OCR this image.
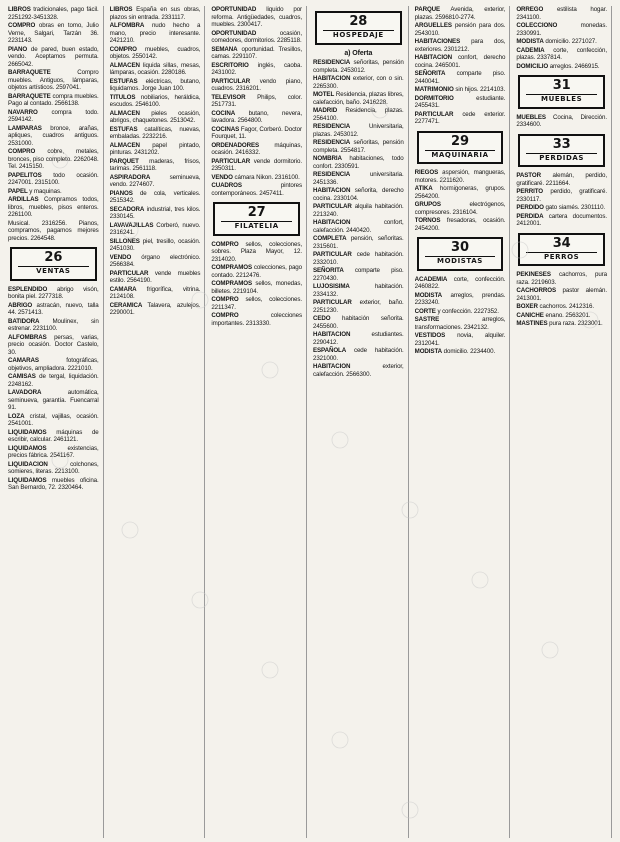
LIBROS tradicionales, pago fácil. 2251292-3451328.

COMPRO obras en tomo, Julio Verne, Salgari, Tarzán 36. 2231143.

PIANO de pared, buen estado, vendo. Aceptamos permuta. 2665042.

BARRAQUETE	Compro muebles. Antiguos, lámparas, objetos artísticos. 2597041.

BARRAQUETE compra muebles. Pago al contado. 2566138.

NAVARRO compra todo. 2594142.

LAMPARAS bronce, arañas, apliques, cuadros antiguos. 2531000.

COMPRO cobre, metales, bronces, piso completo. 2262048. Tel. 2415150.

PAPELITOS todo ocasión. 2247001. 2315100.

PAPEL y maquinas.

ARDILLAS Compramos todos, libros, muebles, pisos enteros. 2261100.

Musical. 2316256. Pianos, compramos, pagamos mejores precios. 2264548.

26
VENTAS

ESPLENDIDO abrigo visón, bonita piel. 2277318.

ABRIGO astracán, nuevo, talla 44. 2571413.

BATIDORA Moulinex, sin estrenar. 2231100.

ALFOMBRAS persas, varias, precio ocasión. Doctor Castelo, 30.

CAMARAS	fotográficas, objetivos, ampliadora. 2221010.

CAMISAS de tergal, liquidación. 2248162.

LAVADORA	automática, seminueva, garantía. Fuencarral 91.

LOZA cristal, vajillas, ocasión. 2541001.

LIQUIDAMOS máquinas de escribir, calcular. 2461121.

LIQUIDAMOS	existencias, precios fábrica. 2541167.

LIQUIDACION	colchones, somieres, literas. 2213100.

LIQUIDAMOS muebles oficina. San Bernardo, 72. 2320464.

LIBROS España en sus obras, plazos sin entrada. 2331117.

ALFOMBRA nudo hecho a mano, precio interesante. 2421210.

COMPRO muebles, cuadros, objetos. 2550142.

ALMACEN liquida sillas, mesas, lámparas, ocasión. 2280186.

ESTUFAS eléctricas, butano, liquidamos. Jorge Juan 100.

TITULOS nobiliarios, heráldica, escudos. 2546100.

ALMACEN pieles ocasión, abrigos, chaquetones. 2513042.

ESTUFAS catalíticas, nuevas, embaladas. 2232216.

ALMACEN papel pintado, pinturas. 2431202.

PARQUET maderas, frisos, tarimas. 2561118.

ASPIRADORA	seminueva, vendo. 2274607.

PIANOS de cola, verticales. 2515342.

SECADORA industrial, tres kilos. 2330145.

LAVAVAJILLAS Corberó, nuevo. 2316241.

SILLONES piel, tresillo, ocasión. 2451030.

VENDO órgano electrónico. 2566384.

PARTICULAR vende muebles estilo. 2564190.

CAMARA frigorífica, vitrina. 2124108.

CERAMICA Talavera, azulejos. 2290001.

OPORTUNIDAD liquido por reforma. Antigüedades, cuadros, muebles. 2300417.

OPORTUNIDAD	ocasión, comedores, dormitorios. 2285118.

SEMANA oportunidad. Tresillos, camas. 2291107.

ESCRITORIO inglés, caoba. 2431002.

PARTICULAR vendo piano, cuadros. 2316201.

TELEVISOR Philips, color. 2517731.

COCINA butano, nevera, lavadora. 2564800.

COCINAS Fagor, Corberó. Doctor Fourquet, 11.

ORDENADORES máquinas, ocasión. 2416332.

PARTICULAR vende dormitorio. 2350311.

VENDO cámara Nikon. 2316100.

CUADROS	pintores contemporáneos. 2457411.

27
FILATELIA

COMPRO sellos, colecciones, sobres. Plaza Mayor, 12. 2314020.

COMPRAMOS colecciones, pago contado. 2212476.

COMPRAMOS sellos, monedas, billetes. 2219104.

COMPRO sellos, colecciones. 2211347.

COMPRO	colecciones importantes. 2313330.

28
HOSPEDAJE
a) Oferta

RESIDENCIA señoritas, pensión completa. 2453012.

HABITACION exterior, con o sin. 2265300.

MOTEL Residencia, plazas libres, calefacción, baño. 2416228.

MADRID Residencia, plazas. 2564100.

RESIDENCIA	Universitaria, plazas. 2453012.

RESIDENCIA señoritas, pensión completa. 2554817.

NOMBRIA habitaciones, todo confort. 2330591.

RESIDENCIA	universitaria. 2451336.

HABITACION señorita, derecho cocina. 2330104.

PARTICULAR alquila habitación. 2213240.

HABITACION	confort, calefacción. 2440420.

COMPLETA pensión, señoritas. 2315601.

PARTICULAR cede habitación. 2332010.

SEÑORITA comparte piso. 2270430.

LUJOSISIMA	habitación. 2334132.

PARTICULAR exterior, baño. 2251230.

CEDO habitación señorita. 2455600.

HABITACION	estudiantes. 2290412.

ESPAÑOLA cede habitación. 2321000.

HABITACION	exterior, calefacción. 2566300.

PARQUE Avenida, exterior, plazas. 2596810-2774.

ARGUELLES pensión para dos. 2543010.

HABITACIONES para dos, exteriores. 2301212.

HABITACION confort, derecho cocina. 2465001.

SEÑORITA comparte piso. 2440041.

MATRIMONIO sin hijos. 2214103.

DORMITORIO	estudiante. 2455431.

PARTICULAR cede exterior. 2277471.

29
MAQUINARIA

RIEGOS aspersión, mangueras, motores. 2211620.

ATIKA hormigoneras, grupos. 2564200.

GRUPOS	electrógenos, compresores. 2316104.

TORNOS fresadoras, ocasión. 2454200.

30
MODISTAS

ACADEMIA corte, confección. 2460822.

MODISTA arreglos, prendas. 2233240.

CORTE y confección. 2227352.

SASTRE	arreglos, transformaciones. 2342132.

VESTIDOS novia, alquiler. 2312041.

MODISTA domicilio. 2234400.

ORREGO estilista hogar. 2341100.

COLECCIONO	monedas. 2330991.

MODISTA domicilio. 2271027.

CADEMIA corte, confección, plazas. 2337814.

DOMICILIO arreglos. 2466915.

31
MUEBLES

MUEBLES Cocina, Dirección. 2334600.

33
PERDIDAS

PASTOR alemán, perdido, gratificaré. 2211664.

PERRITO perdido, gratificaré. 2330117.

PERDIDO gato siamés. 2301110.

PERDIDA cartera documentos. 2412001.

34
PERROS

PEKINESES cachorros, pura raza. 2219603.

CACHORROS pastor alemán. 2413001.

BOXER cachorros. 2412316.

CANICHE enano. 2563201.

MASTINES pura raza. 2323001.
